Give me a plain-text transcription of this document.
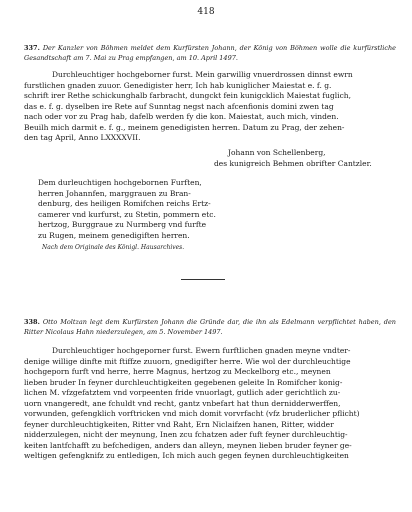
418
337. Der Kanzler von Böhmen meldet dem Kurfürsten Johann, der König von Böhmen wolle die kurfürstliche Gesandtschaft am 7. Mai zu Prag empfangen, am 10. April 1497.
Durchleuchtiger hochgeborner furst. Mein garwillig vnuerdrossen dinnst ewrn
furstlichen gnaden zuuor. Genedigister herr, Ich hab kuniglicher Maiestat e. f. g.
schrift irer Rethe schickunghalb farbracht, dungckt fein kunigcklich Maiestat fuglich,
das e. f. g. dyselben ire Rete auf Sunntag negst nach afcenfionis domini zwen tag
nach oder vor zu Prag hab, dafelb werden fy die kon. Maiestat, auch mich, vinden.
Beuilh mich darmit e. f. g., meinem genedigisten herren. Datum zu Prag, der zehen-
den tag April, Anno LXXXXVII.
Johann von Schellenberg,
des kunigreich Behmen obrifter Cantzler.
Dem durleuchtigen hochgebornen Furften,
herren Johannfen, marggrauen zu Bran-
denburg, des heiligen Romifchen reichs Ertz-
camerer vnd kurfurst, zu Stetin, pommern etc.
hertzog, Burggraue zu Nurmberg vnd furfte
zu Rugen, meinem genedigiften herren.
Nach dem Originale des Königl. Hausarchives.
338. Otto Moltzan legt dem Kurfürsten Johann die Gründe dar, die ihn als Edelmann verpflichtet haben, den Ritter Nicolaus Hahn niederzulegen, am 5. November 1497.
Durchleuchtiger hochgeporner furst. Ewern furftlichen gnaden meyne vndter-
denige willige dinfte mit ftiffze zuuorn, gnedigifter herre. Wie wol der durchleuchtige
hochgeporn furft vnd herre, herre Magnus, hertzog zu Meckelborg etc., meynen
lieben bruder In feyner durchleuchtigkeiten gegebenen geleite In Romifcher konig-
lichen M. vfzgefatztem vnd vorpeenten fride vnuorlagt, gutlich ader gerichtlich zu-
uorn vnangeredt, ane fchuldt vnd recht, gantz vnbefart hat thun dernidderwerffen,
vorwunden, gefengklich vorftricken vnd mich domit vorvrfacht (vfz bruderlicher pflicht)
feyner durchleuchtigkeiten, Ritter vnd Raht, Ern Niclaifzen hanen, Ritter, widder
nidderzulegen, nicht der meynung, Inen zcu fchatzen ader fuft feyner durchleuchtig-
keiten lantfchafft zu befchedigen, anders dan alleyn, meynen lieben bruder feyner ge-
weltigen gefengknifz zu entledigen, Ich mich auch gegen feynen durchleuchtigkeiten
